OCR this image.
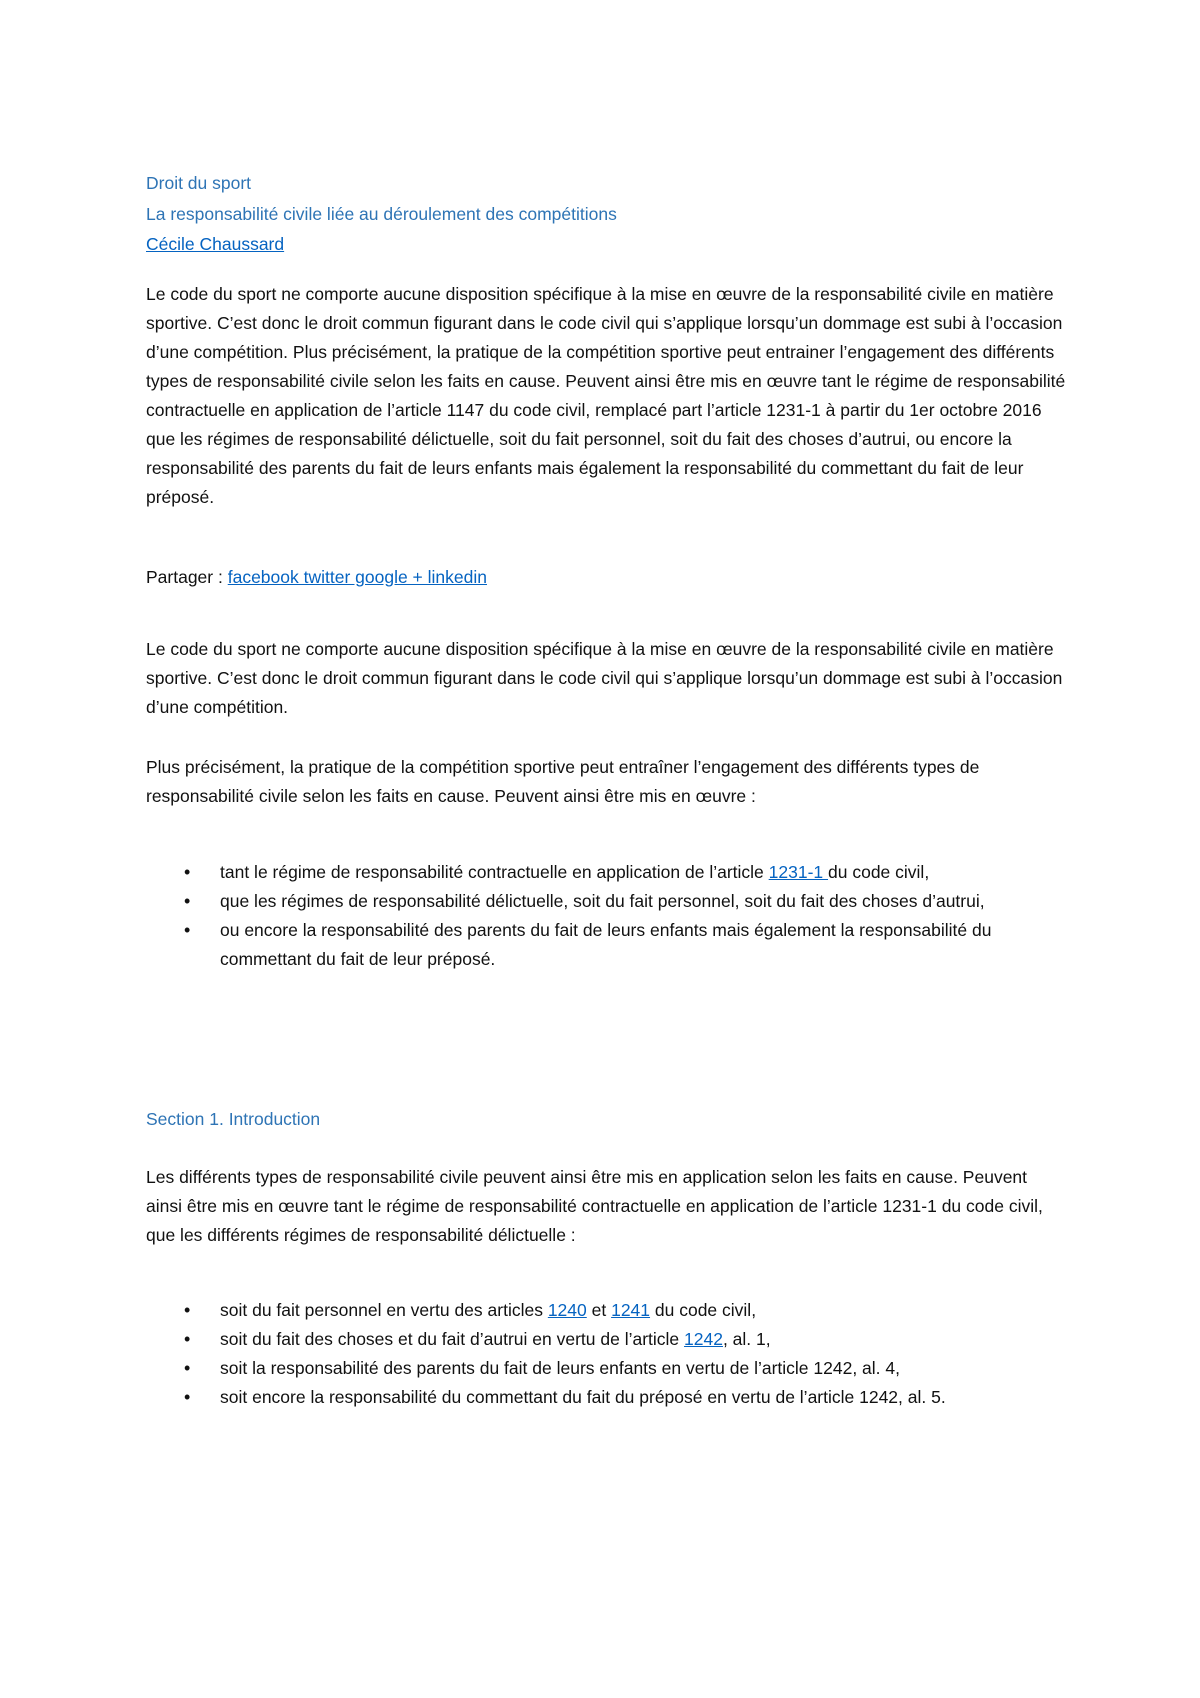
Droit du sport
La responsabilité civile liée au déroulement des compétitions
Cécile Chaussard
Le code du sport ne comporte aucune disposition spécifique à la mise en œuvre de la responsabilité civile en matière sportive. C’est donc le droit commun figurant dans le code civil qui s’applique lorsqu’un dommage est subi à l’occasion d’une compétition. Plus précisément, la pratique de la compétition sportive peut entrainer l’engagement des différents types de responsabilité civile selon les faits en cause. Peuvent ainsi être mis en œuvre tant le régime de responsabilité contractuelle en application de l’article 1147 du code civil, remplacé part l’article 1231-1 à partir du 1er octobre 2016 que les régimes de responsabilité délictuelle, soit du fait personnel, soit du fait des choses d’autrui, ou encore la responsabilité des parents du fait de leurs enfants mais également la responsabilité du commettant du fait de leur préposé.
Partager : facebook twitter google + linkedin
Le code du sport ne comporte aucune disposition spécifique à la mise en œuvre de la responsabilité civile en matière sportive. C’est donc le droit commun figurant dans le code civil qui s’applique lorsqu’un dommage est subi à l’occasion d’une compétition.
Plus précisément, la pratique de la compétition sportive peut entraîner l’engagement des différents types de responsabilité civile selon les faits en cause. Peuvent ainsi être mis en œuvre :
• tant le régime de responsabilité contractuelle en application de l’article 1231-1 du code civil,
• que les régimes de responsabilité délictuelle, soit du fait personnel, soit du fait des choses d’autrui,
• ou encore la responsabilité des parents du fait de leurs enfants mais également la responsabilité du commettant du fait de leur préposé.
Section 1. Introduction
Les différents types de responsabilité civile peuvent ainsi être mis en application selon les faits en cause. Peuvent ainsi être mis en œuvre tant le régime de responsabilité contractuelle en application de l’article 1231-1 du code civil, que les différents régimes de responsabilité délictuelle :
• soit du fait personnel en vertu des articles 1240 et 1241 du code civil,
• soit du fait des choses et du fait d’autrui en vertu de l’article 1242, al. 1,
• soit la responsabilité des parents du fait de leurs enfants en vertu de l’article 1242, al. 4,
• soit encore la responsabilité du commettant du fait du préposé en vertu de l’article 1242, al. 5.
